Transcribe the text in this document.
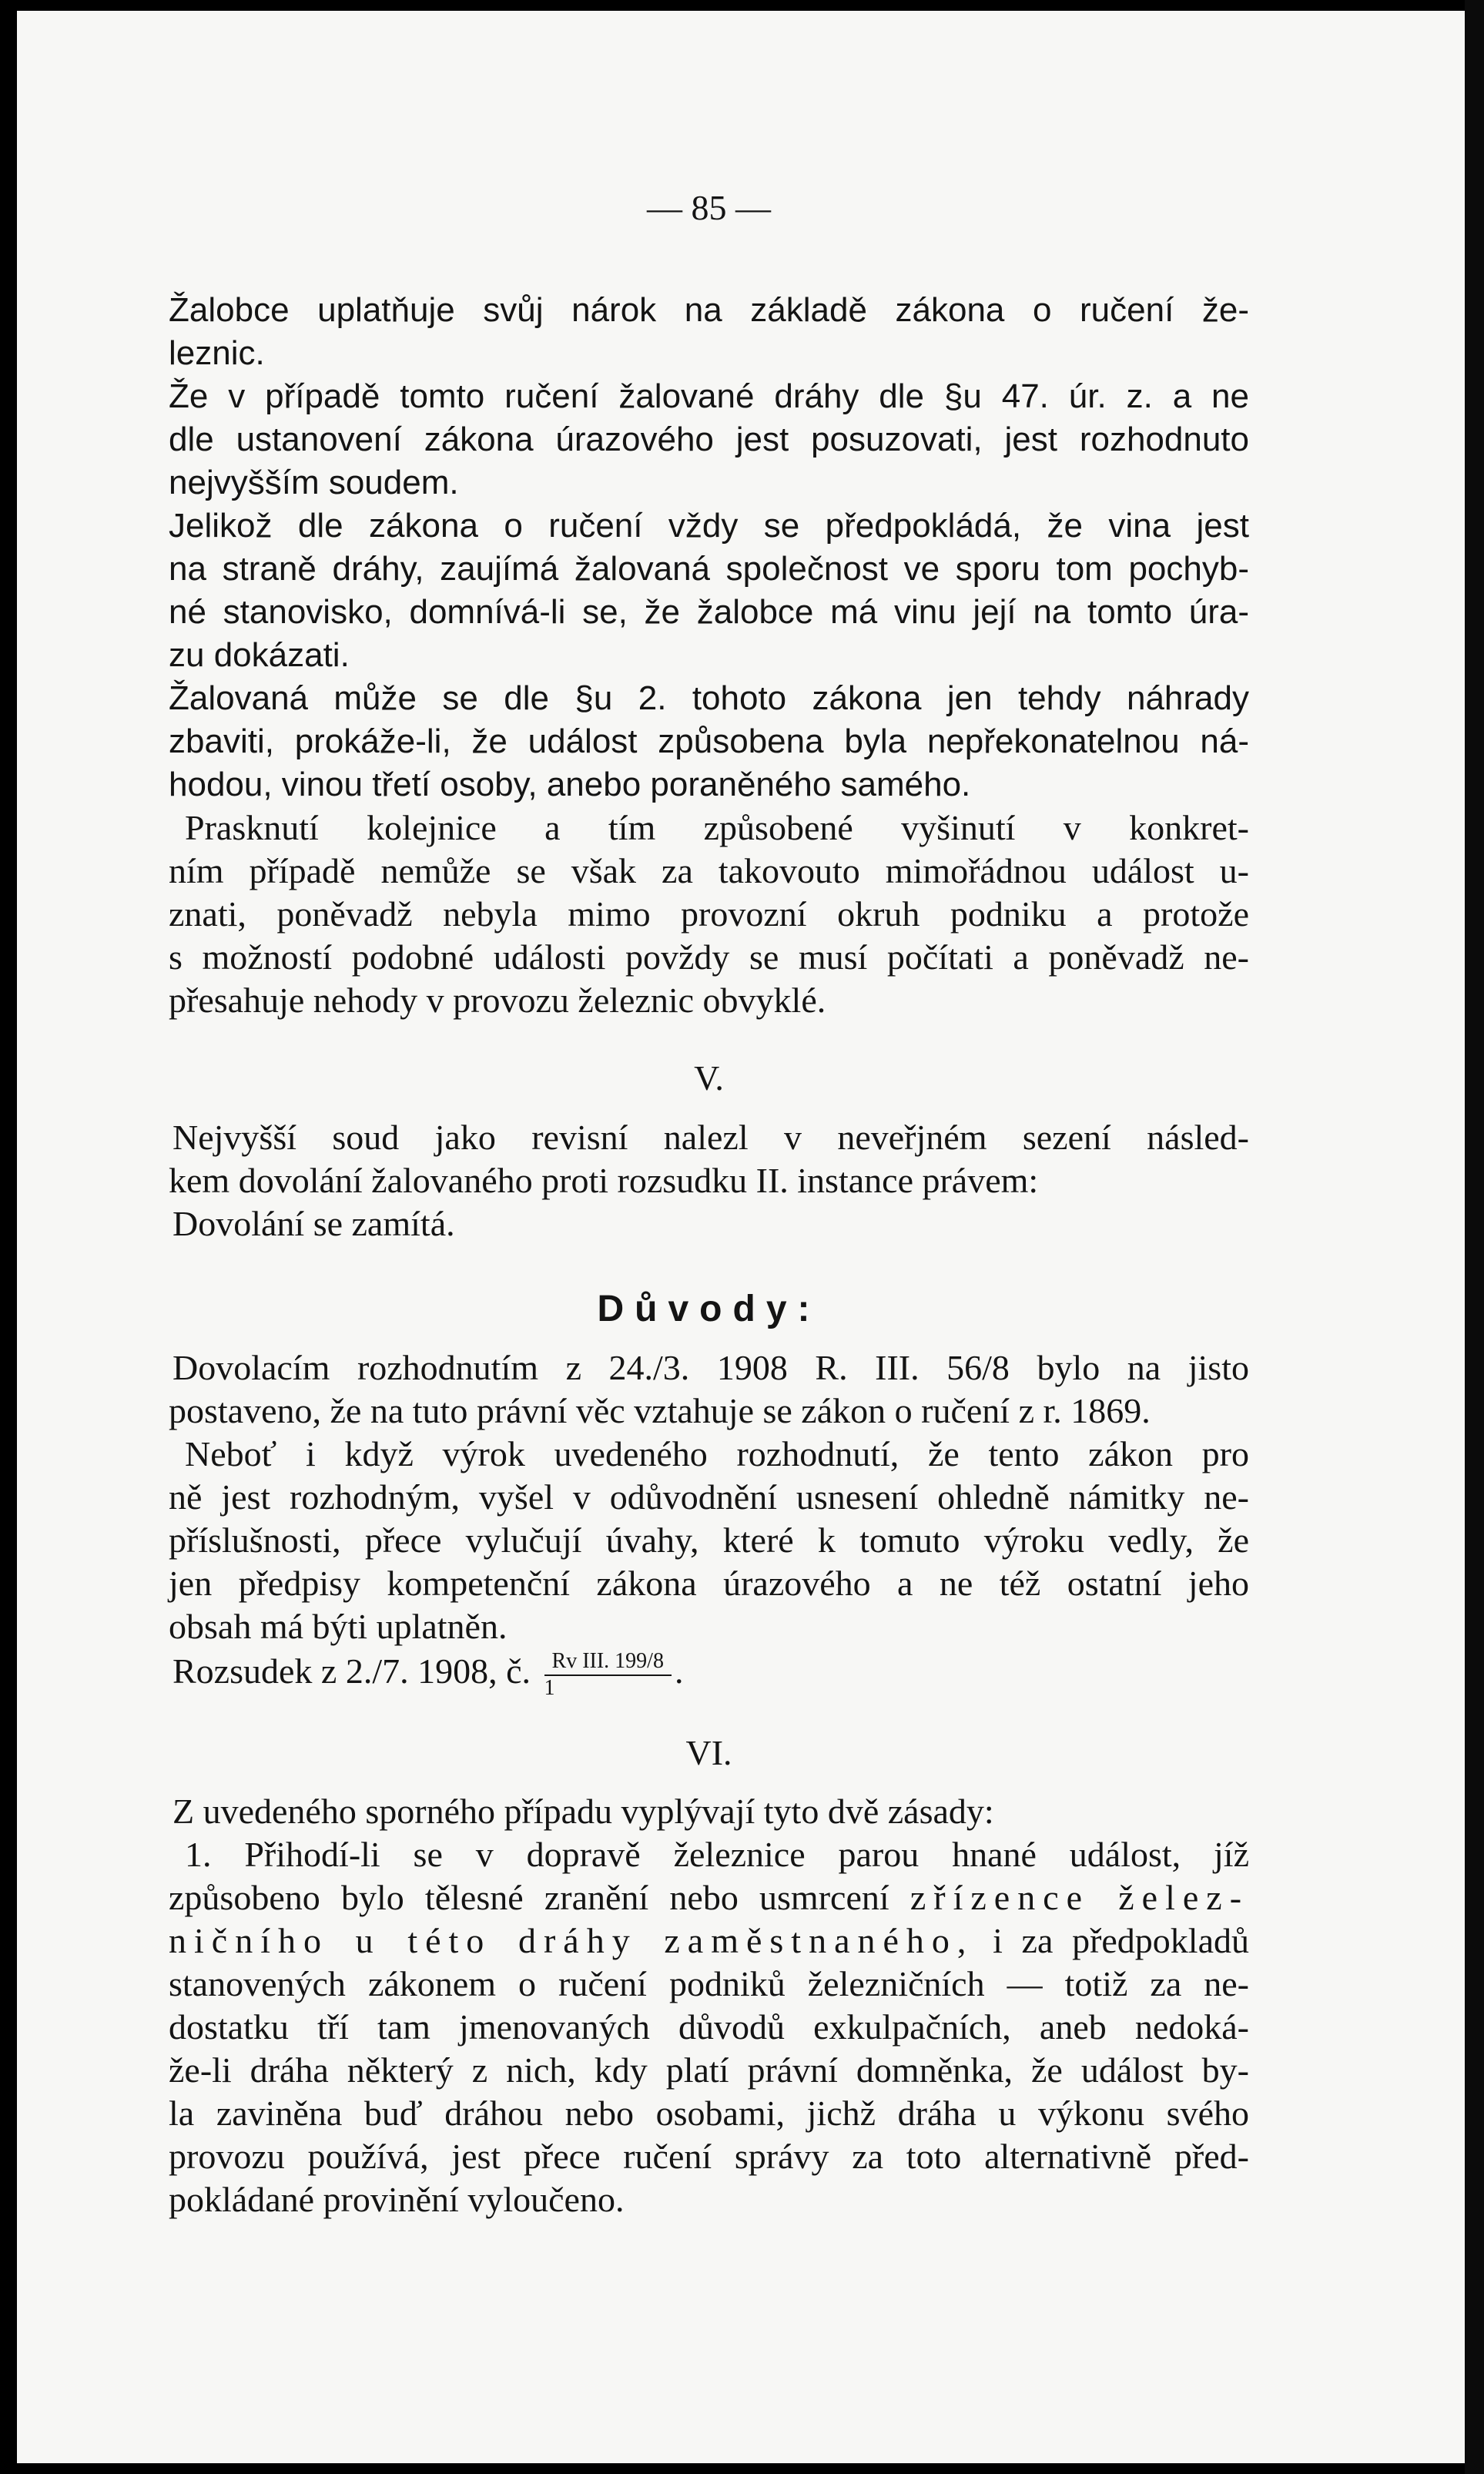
— 85 —
Žalobce uplatňuje svůj nárok na základě zákona o ručení že-
leznic.
Že v případě tomto ručení žalované dráhy dle §u 47. úr. z. a ne
dle ustanovení zákona úrazového jest posuzovati, jest rozhodnuto
nejvyšším soudem.
Jelikož dle zákona o ručení vždy se předpokládá, že vina jest
na straně dráhy, zaujímá žalovaná společnost ve sporu tom pochyb-
né stanovisko, domnívá-li se, že žalobce má vinu její na tomto úra-
zu dokázati.
Žalovaná může se dle §u 2. tohoto zákona jen tehdy náhrady
zbaviti, prokáže-li, že událost způsobena byla nepřekonatelnou ná-
hodou, vinou třetí osoby, anebo poraněného samého.
Prasknutí kolejnice a tím způsobené vyšinutí v konkret-
ním případě nemůže se však za takovouto mimořádnou událost u-
znati, poněvadž nebyla mimo provozní okruh podniku a protože
s možností podobné události povždy se musí počítati a poněvadž ne-
přesahuje nehody v provozu železnic obvyklé.
V.
Nejvyšší soud jako revisní nalezl v neveřjném sezení násled-
kem dovolání žalovaného proti rozsudku II. instance právem:
Dovolání se zamítá.
Důvody:
Dovolacím rozhodnutím z 24./3. 1908 R. III. 56/8 bylo na jisto
postaveno, že na tuto právní věc vztahuje se zákon o ručení z r. 1869.
Neboť i když výrok uvedeného rozhodnutí, že tento zákon pro
ně jest rozhodným, vyšel v odůvodnění usnesení ohledně námitky ne-
příslušnosti, přece vylučují úvahy, které k tomuto výroku vedly, že
jen předpisy kompetenční zákona úrazového a ne též ostatní jeho
obsah má býti uplatněn.
Rozsudek z 2./7. 1908, č. $\frac{\text{Rv III. 199/8}}{1}$ .
VI.
Z uvedeného sporného případu vyplývají tyto dvě zásady:
1. Přihodí-li se v dopravě železnice parou hnané událost, jíž
způsobeno bylo tělesné zranění nebo usmrcení zřízence želez-
ničního u této dráhy zaměstnaného, i za předpokladů
stanovených zákonem o ručení podniků železničních — totiž za ne-
dostatku tří tam jmenovaných důvodů exkulpačních, aneb nedoká-
že-li dráha některý z nich, kdy platí právní domněnka, že událost by-
la zaviněna buď dráhou nebo osobami, jichž dráha u výkonu svého
provozu používá, jest přece ručení správy za toto alternativně před-
pokládané provinění vyloučeno.
